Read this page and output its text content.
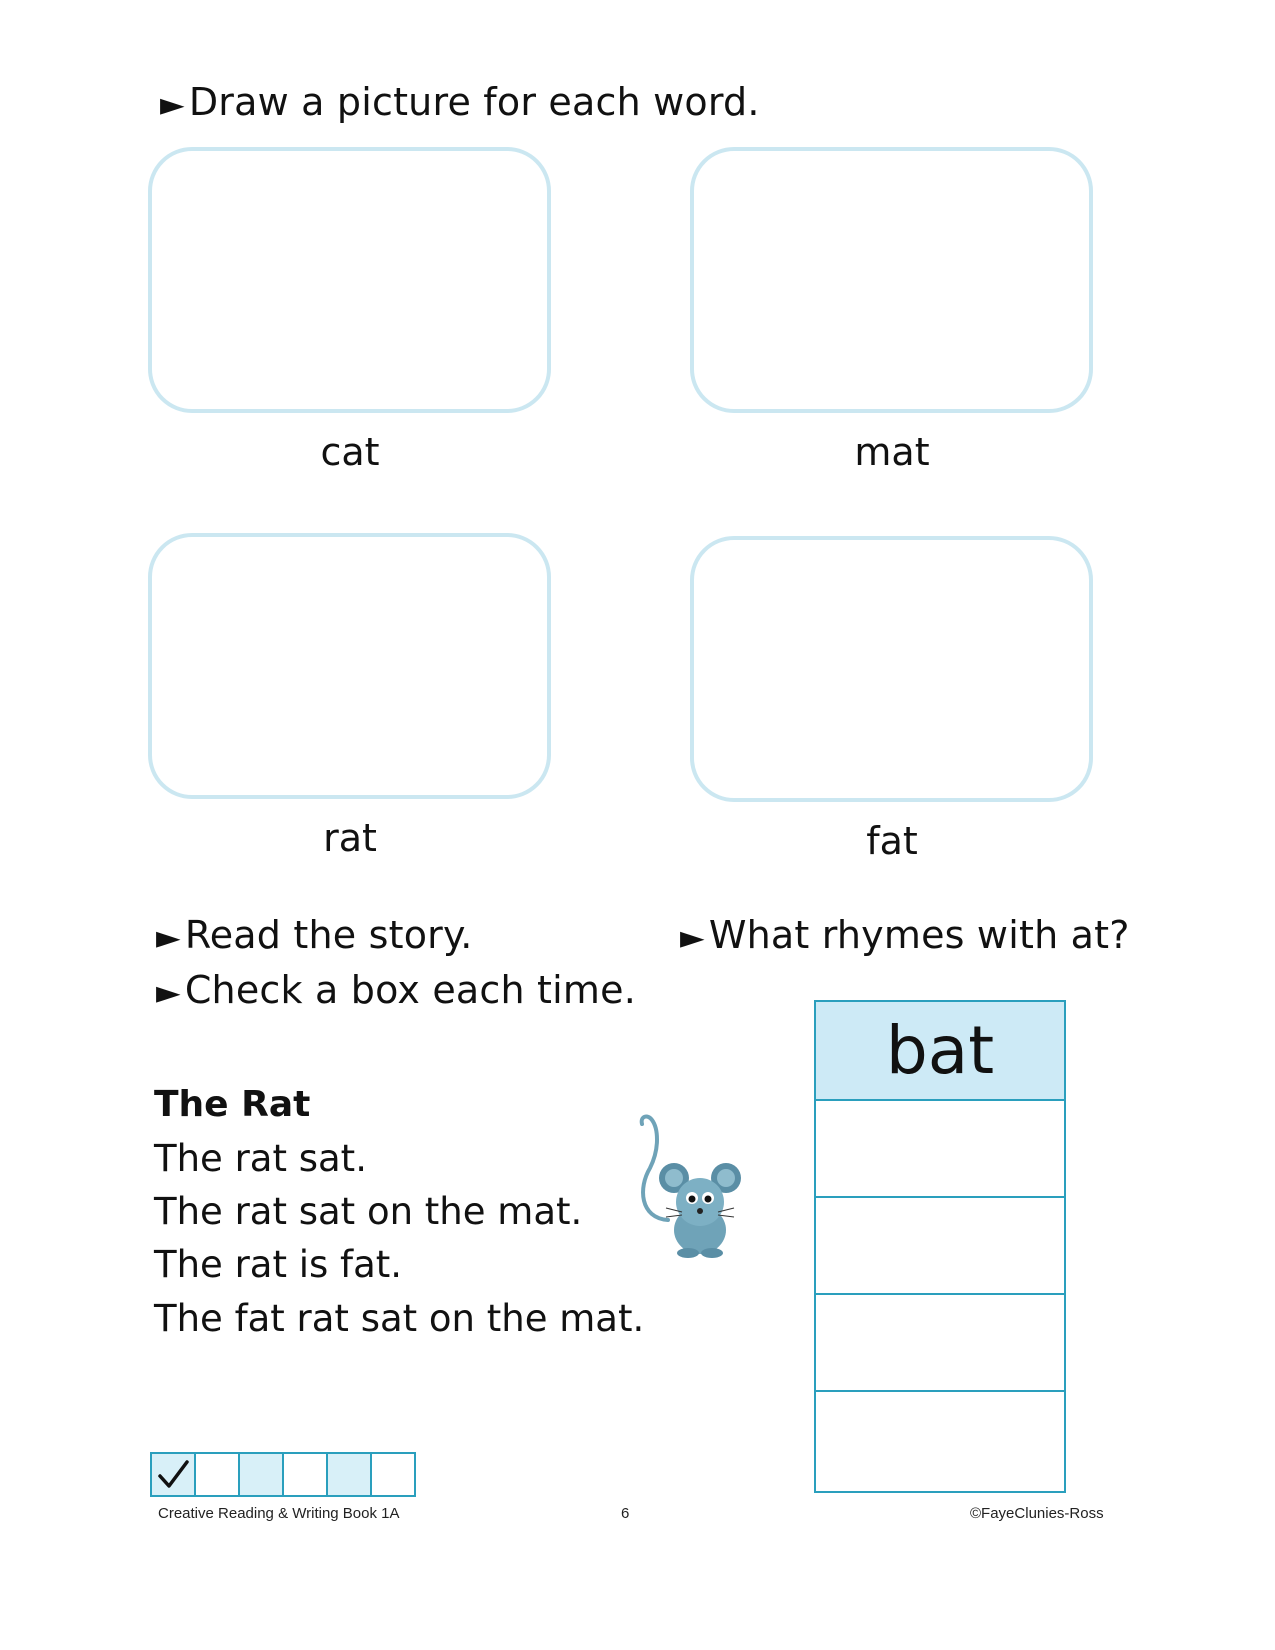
► Draw a picture for each word.
cat	mat
rat	fat
► Read the story.
► Check a box each time.
► What rhymes with at?
The Rat
The rat sat.
The rat sat on the mat.
The rat is fat.
The fat rat sat on the mat.
bat
Creative Reading & Writing Book 1A	6	©FayeClunies-Ross
